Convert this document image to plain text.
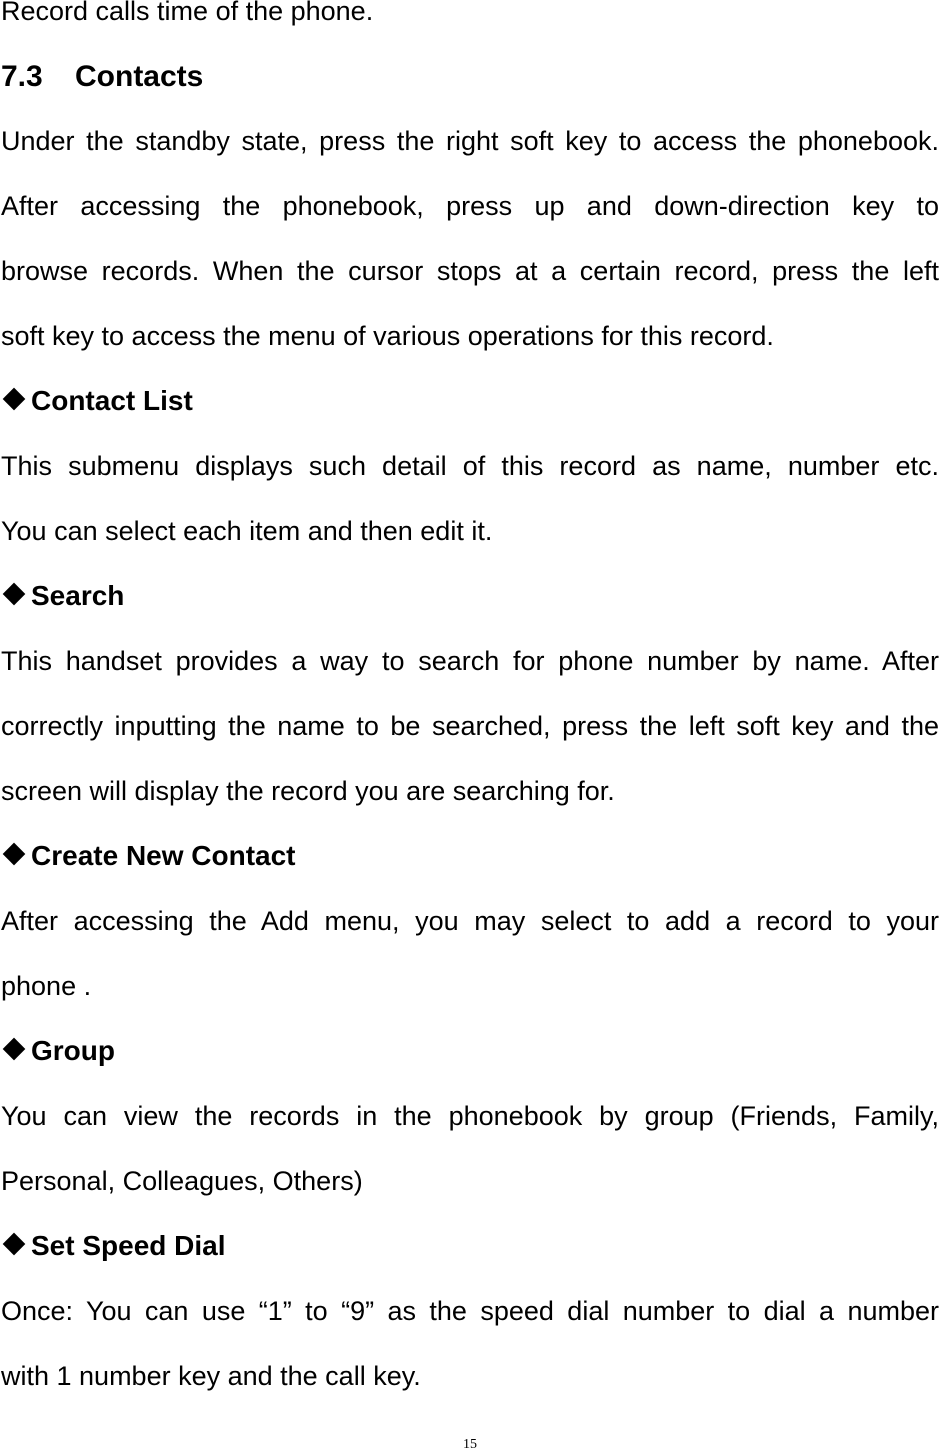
Record calls time of the phone.
7.3 Contacts
Under the standby state, press the right soft key to access the phonebook.
After accessing the phonebook, press up and down-direction key to
browse records. When the cursor stops at a certain record, press the left
soft key to access the menu of various operations for this record.
Contact List
This submenu displays such detail of this record as name, number etc.
You can select each item and then edit it.
Search
This handset provides a way to search for phone number by name. After
correctly inputting the name to be searched, press the left soft key and the
screen will display the record you are searching for.
Create New Contact
After accessing the Add menu, you may select to add a record to your
phone .
Group
You can view the records in the phonebook by group (Friends, Family,
Personal, Colleagues, Others)
Set Speed Dial
Once: You can use “1” to “9” as the speed dial number to dial a number
with 1 number key and the call key.
15
